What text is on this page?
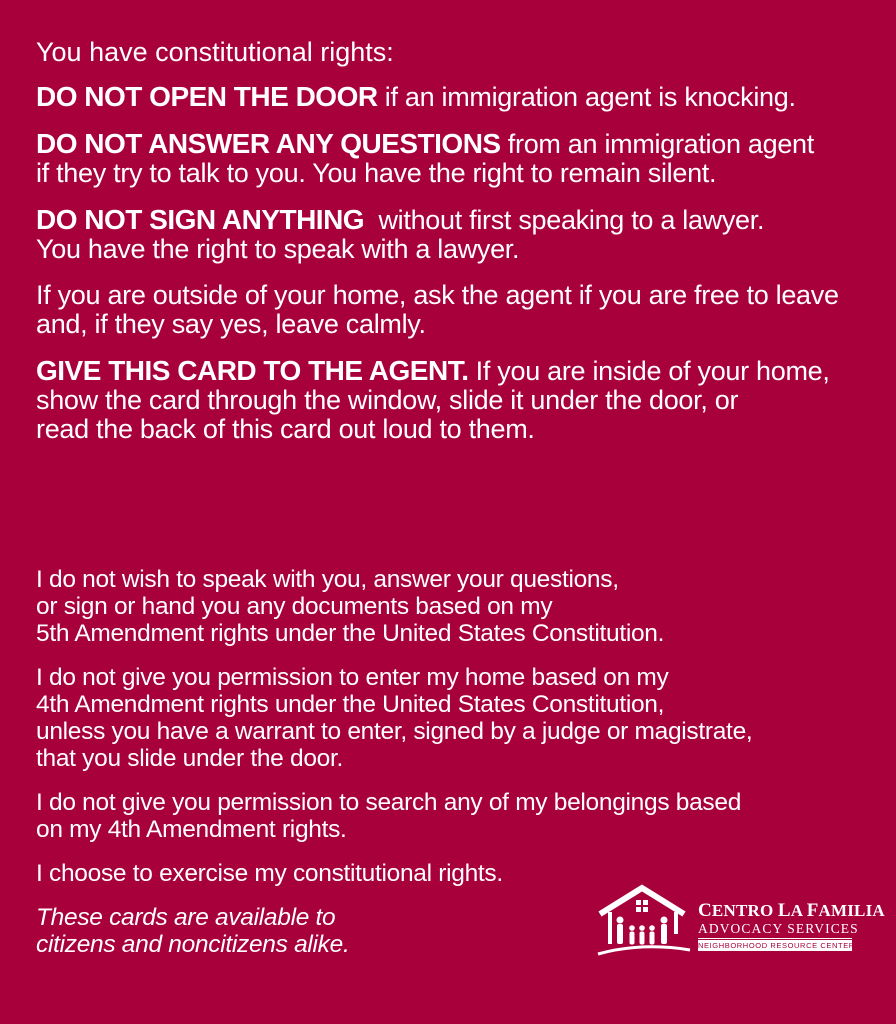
You have constitutional rights:

DO NOT OPEN THE DOOR if an immigration agent is knocking.

DO NOT ANSWER ANY QUESTIONS from an immigration agent
if they try to talk to you. You have the right to remain silent.

DO NOT SIGN ANYTHING  without first speaking to a lawyer.
You have the right to speak with a lawyer.

If you are outside of your home, ask the agent if you are free to leave
and, if they say yes, leave calmly.

GIVE THIS CARD TO THE AGENT. If you are inside of your home,
show the card through the window, slide it under the door, or
read the back of this card out loud to them.

I do not wish to speak with you, answer your questions,
or sign or hand you any documents based on my
5th Amendment rights under the United States Constitution.

I do not give you permission to enter my home based on my
4th Amendment rights under the United States Constitution,
unless you have a warrant to enter, signed by a judge or magistrate,
that you slide under the door.

I do not give you permission to search any of my belongings based
on my 4th Amendment rights.

I choose to exercise my constitutional rights.

These cards are available to
citizens and noncitizens alike.

CENTRO LA FAMILIA
ADVOCACY SERVICES
NEIGHBORHOOD RESOURCE CENTER
